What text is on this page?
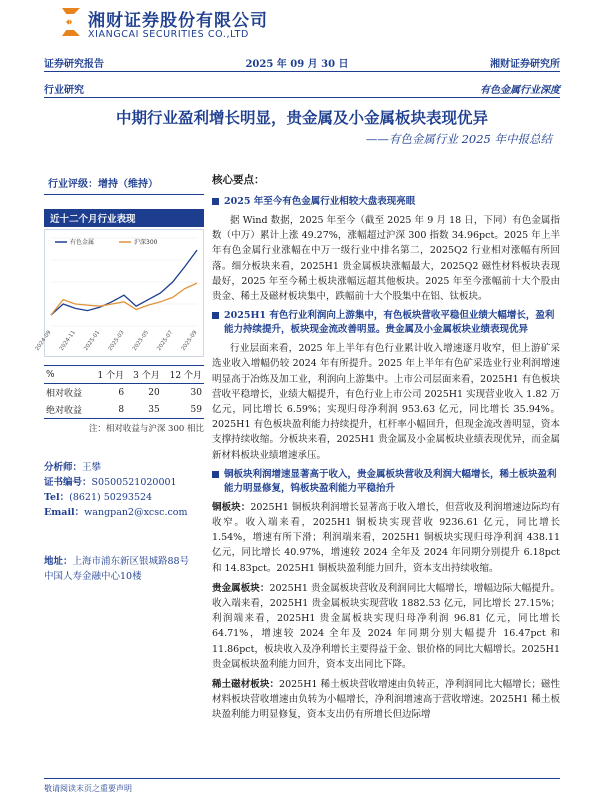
湘财证券股份有限公司
XIANGCAI SECURITIES CO.,LTD
证券研究报告	2025 年 09 月 30 日	湘财证券研究所
行业研究	有色金属行业深度
中期行业盈利增长明显，贵金属及小金属板块表现优异
——有色金属行业 2025 年中报总结
行业评级：增持（维持）
近十二个月行业表现
2024-09 2024-11 2025-01 2025-03 2025-05 2025-07 2025-09
有色金属	沪深300
%	1 个月	3 个月	12 个月
相对收益	6	20	30
绝对收益	8	35	59
注：相对收益与沪深 300 相比
分析师：王攀
证书编号：S0500521020001
Tel：(8621) 50293524
Email：wangpan2@xcsc.com
地址：上海市浦东新区银城路88号
中国人寿金融中心10楼
核心要点：
2025 年至今有色金属行业相较大盘表现亮眼

据 Wind 数据，2025 年至今（截至 2025 年 9 月 18 日，下同）有色金属指数（中万）累计上涨 49.27%，涨幅超过沪深 300 指数 34.96pct。2025 年上半年有色金属行业涨幅在中万一级行业中排名第二，2025Q2 行业相对涨幅有所回落。细分板块来看，2025H1 贵金属板块涨幅最大，2025Q2 磁性材料板块表现最好，2025 年至今稀土板块涨幅远超其他板块。2025 年至今涨幅前十大个股由贵金、稀土及磁材板块集中，跌幅前十大个股集中在铝、钛板块。

2025H1 有色行业利润向上游集中，有色板块营收平稳但业绩大幅增长，盈利能力持续提升，板块现金流改善明显。贵金属及小金属板块业绩表现优异

行业层面来看，2025 年上半年有色行业累计收入增速逐月收窄，但上游矿采选业收入增幅仍较 2024 年有所提升。2025 年上半年有色矿采选业行业利润增速明显高于冶炼及加工业，利润向上游集中。上市公司层面来看，2025H1 有色板块营收平稳增长，业绩大幅提升，有色行业上市公司 2025H1 实现营业收入 1.82 万亿元，同比增长 6.59%；实现归母净利润 953.63 亿元，同比增长 35.94%。2025H1 有色板块盈利能力持续提升，杠杆率小幅回升，但现金流改善明显，资本支撑持续收缩。分板块来看，2025H1 贵金属及小金属板块业绩表现优异，而金属新材料板块业绩增速承压。

铜板块利润增速显著高于收入，贵金属板块营收及利润大幅增长，稀土板块盈利能力明显修复，钨板块盈利能力平稳抬升

铜板块：2025H1 铜板块利润增长显著高于收入增长，但营收及利润增速边际均有收窄。收入端来看，2025H1 铜板块实现营收 9236.61 亿元，同比增长 1.54%，增速有所下滑；利润端来看，2025H1 铜板块实现归母净利润 438.11 亿元，同比增长 40.97%，增速较 2024 全年及 2024 年同期分别提升 6.18pct 和 14.83pct。2025H1 铜板块盈利能力回升，资本支出持续收缩。

贵金属板块：2025H1 贵金属板块营收及利润同比大幅增长，增幅边际大幅提升。收入端来看，2025H1 贵金属板块实现营收 1882.53 亿元，同比增长 27.15%；利润端来看，2025H1 贵金属板块实现归母净利润 96.81 亿元，同比增长 64.71%，增速较 2024 全年及 2024 年同期分别大幅提升 16.47pct 和 11.86pct，板块收入及净利增长主要得益于金、银价格的同比大幅增长。2025H1 贵金属板块盈利能力回升，资本支出同比下降。

稀土磁材板块：2025H1 稀土板块营收增速由负转正，净利润同比大幅增长；磁性材料板块营收增速由负转为小幅增长，净利润增速高于营收增速。2025H1 稀土板块盈利能力明显修复，资本支出仍有所增长但边际增

敬请阅读末页之重要声明
